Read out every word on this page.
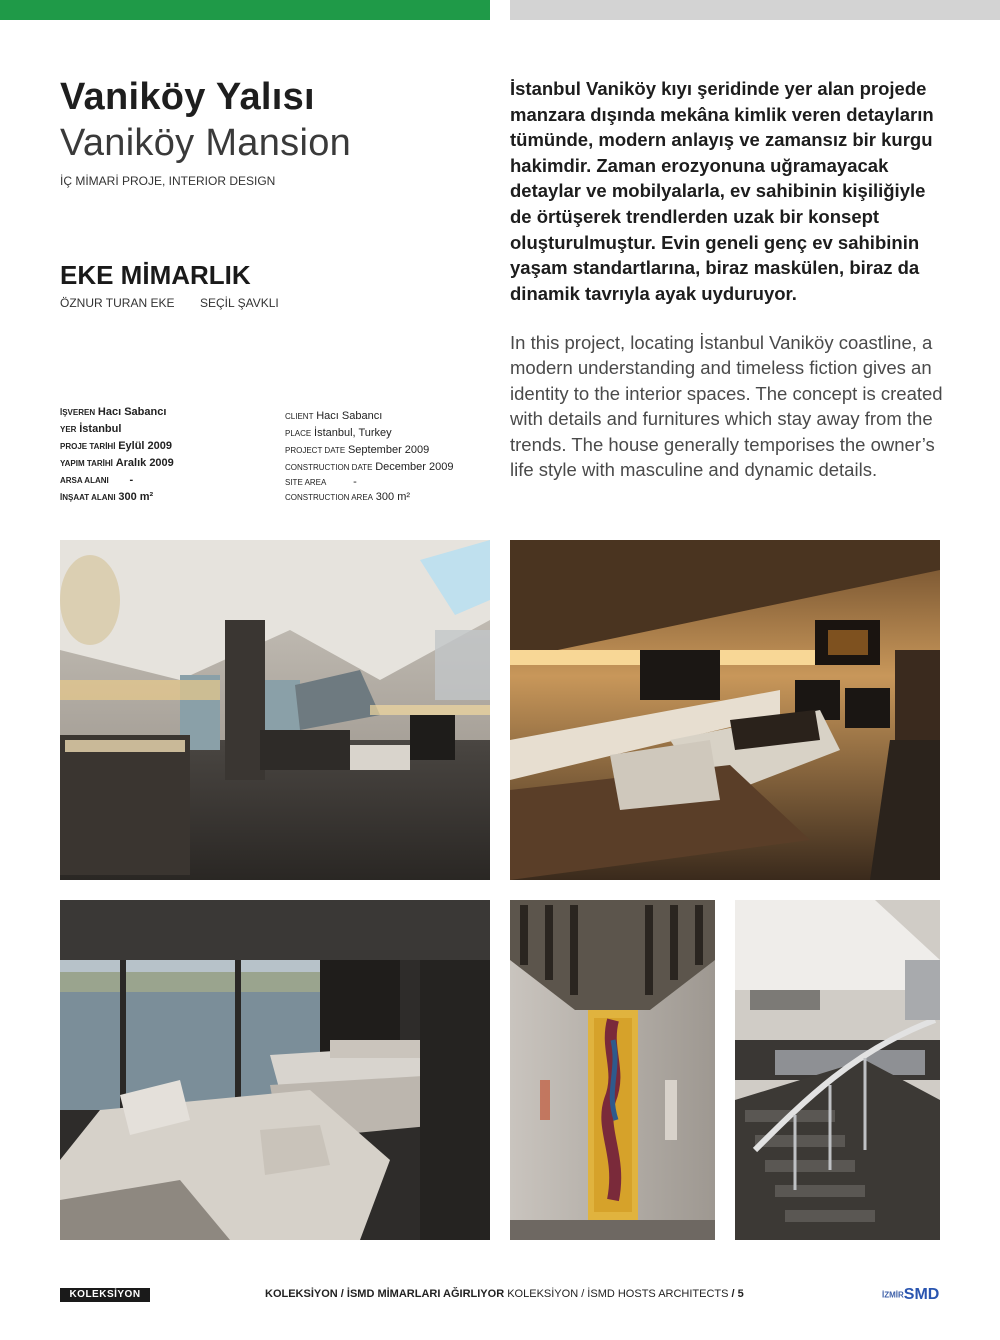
Vaniköy Yalısı
Vaniköy Mansion
İÇ MİMARİ PROJE, INTERIOR DESIGN
EKE MİMARLIK
ÖZNUR TURAN EKE SEÇİL ŞAVKLI
İŞVEREN Hacı Sabancı
YER İstanbul
PROJE TARİHİ Eylül 2009
YAPIM TARİHİ Aralık 2009
ARSA ALANI -
İNŞAAT ALANI 300 m²
CLIENT Hacı Sabancı
PLACE İstanbul, Turkey
PROJECT DATE September 2009
CONSTRUCTION DATE December 2009
SITE AREA -
CONSTRUCTION AREA 300 m²
İstanbul Vaniköy kıyı şeridinde yer alan projede manzara dışında mekâna kimlik veren detayların tümünde, modern anlayış ve zamansız bir kurgu hakimdir. Zaman erozyonuna uğramayacak detaylar ve mobilyalarla, ev sahibinin kişiliğiyle de örtüşerek trendlerden uzak bir konsept oluşturulmuştur. Evin geneli genç ev sahibinin yaşam standartlarına, biraz maskülen, biraz da dinamik tavrıyla ayak uyduruyor.
In this project, locating İstanbul Vaniköy coastline, a modern understanding and timeless fiction gives an identity to the interior spaces. The concept is created with details and furnitures which stay away from the trends. The house generally temporises the owner’s life style with masculine and dynamic details.
KOLEKSİYON	KOLEKSİYON / İSMD MİMARLARI AĞIRLIYOR KOLEKSİYON / İSMD HOSTS ARCHITECTS / 5	İZMİRSMD
